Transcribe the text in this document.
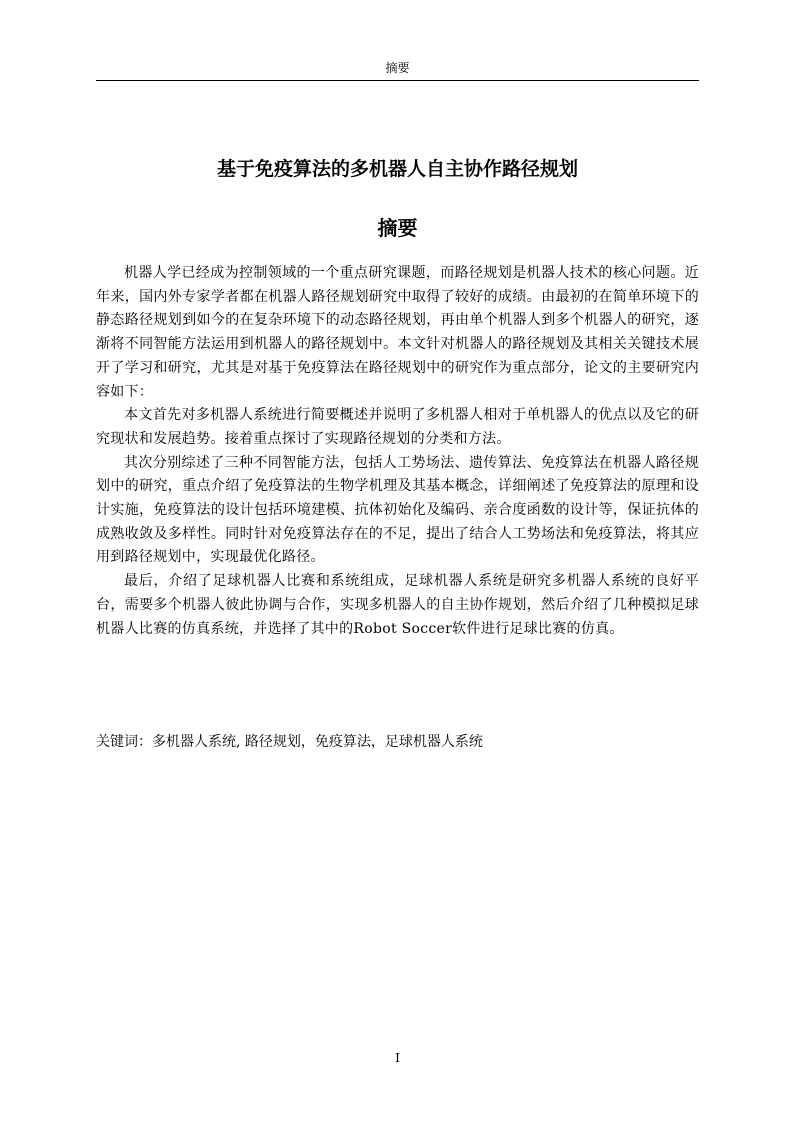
摘要
基于免疫算法的多机器人自主协作路径规划
摘要

机器人学已经成为控制领域的一个重点研究课题，而路径规划是机器人技术的核心问题。近年来，国内外专家学者都在机器人路径规划研究中取得了较好的成绩。由最初的在简单环境下的静态路径规划到如今的在复杂环境下的动态路径规划，再由单个机器人到多个机器人的研究，逐渐将不同智能方法运用到机器人的路径规划中。本文针对机器人的路径规划及其相关关键技术展开了学习和研究，尤其是对基于免疫算法在路径规划中的研究作为重点部分，论文的主要研究内容如下：

本文首先对多机器人系统进行简要概述并说明了多机器人相对于单机器人的优点以及它的研究现状和发展趋势。接着重点探讨了实现路径规划的分类和方法。

其次分别综述了三种不同智能方法，包括人工势场法、遗传算法、免疫算法在机器人路径规划中的研究，重点介绍了免疫算法的生物学机理及其基本概念，详细阐述了免疫算法的原理和设计实施，免疫算法的设计包括环境建模、抗体初始化及编码、亲合度函数的设计等，保证抗体的成熟收敛及多样性。同时针对免疫算法存在的不足，提出了结合人工势场法和免疫算法，将其应用到路径规划中，实现最优化路径。

最后，介绍了足球机器人比赛和系统组成，足球机器人系统是研究多机器人系统的良好平台，需要多个机器人彼此协调与合作，实现多机器人的自主协作规划，然后介绍了几种模拟足球机器人比赛的仿真系统，并选择了其中的Robot Soccer软件进行足球比赛的仿真。

关键词：多机器人系统, 路径规划，免疫算法，足球机器人系统
I
